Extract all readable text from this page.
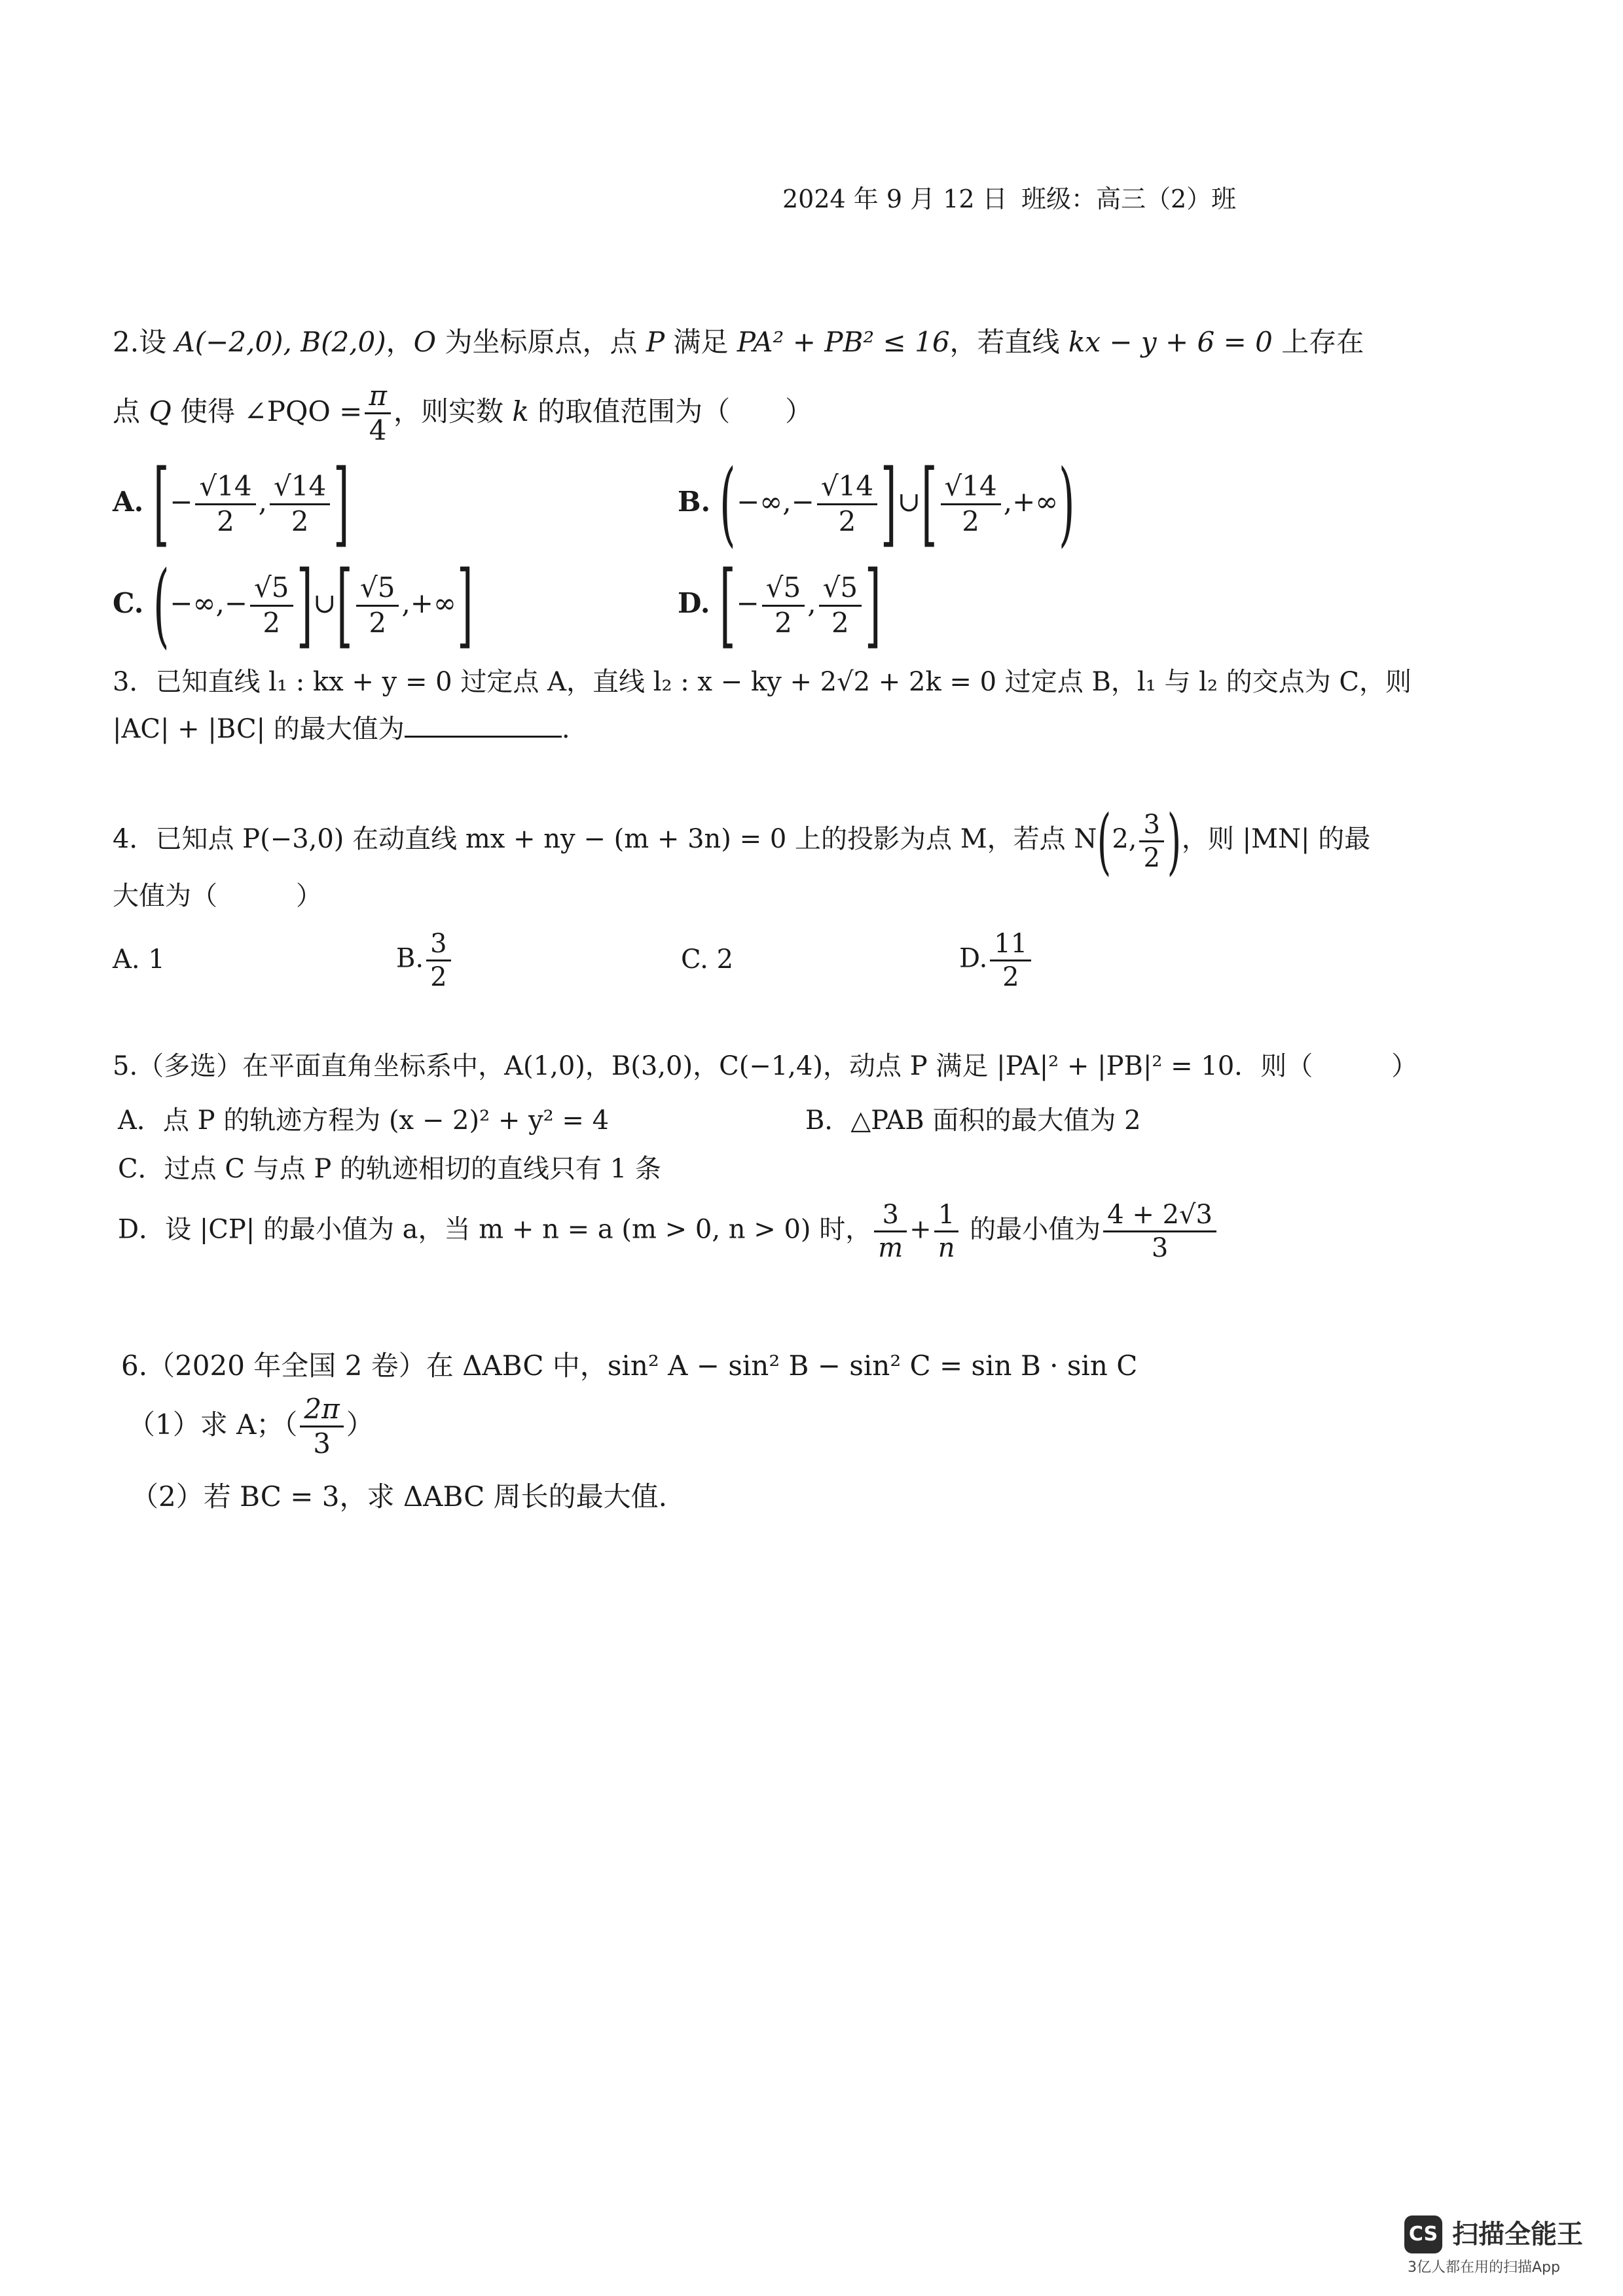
2024 年 9 月 12 日 班级：高三（2）班
2.设 A(−2,0), B(2,0)，O 为坐标原点，点 P 满足 PA² + PB² ≤ 16，若直线 kx − y + 6 = 0 上存在
点 Q 使得 ∠PQO = $\frac{\pi}{4}$ ，则实数 k 的取值范围为（　　）
A. [− $\frac{√14}{2}$ , $\frac{√14}{2}$ ]	B. (−∞,− $\frac{√14}{2}$ ]∪[ $\frac{√14}{2}$ ,+∞)
C. (−∞,− $\frac{√5}{2}$ ]∪[ $\frac{√5}{2}$ ,+∞]	D. [− $\frac{√5}{2}$ , $\frac{√5}{2}$ ]
3．已知直线 l₁ : kx + y = 0 过定点 A，直线 l₂ : x − ky + 2√2 + 2k = 0 过定点 B，l₁ 与 l₂ 的交点为 C，则
|AC| + |BC| 的最大值为	.
4．已知点 P(−3,0) 在动直线 mx + ny − (m + 3n) = 0 上的投影为点 M，若点 N(2, $\frac{3}{2}$ )，则 |MN| 的最
大值为（　　　）
A. 1	B. $\frac{3}{2}$	C. 2	D. $\frac{11}{2}$
5.（多选）在平面直角坐标系中，A(1,0)，B(3,0)，C(−1,4)，动点 P 满足 |PA|² + |PB|² = 10．则（　　　）
A．点 P 的轨迹方程为 (x − 2)² + y² = 4	B．△PAB 面积的最大值为 2
C．过点 C 与点 P 的轨迹相切的直线只有 1 条
D．设 |CP| 的最小值为 a，当 m + n = a (m > 0, n > 0) 时， $\frac{3}{m} + \frac{1}{n}$ 的最小值为 $\frac{4 + 2√3}{3}$
6.（2020 年全国 2 卷）在 ΔABC 中，sin² A − sin² B − sin² C = sin B · sin C
（1）求 A；（ $\frac{2\pi}{3}$ ）
（2）若 BC = 3，求 ΔABC 周长的最大值.
CS 扫描全能王
3亿人都在用的扫描App
